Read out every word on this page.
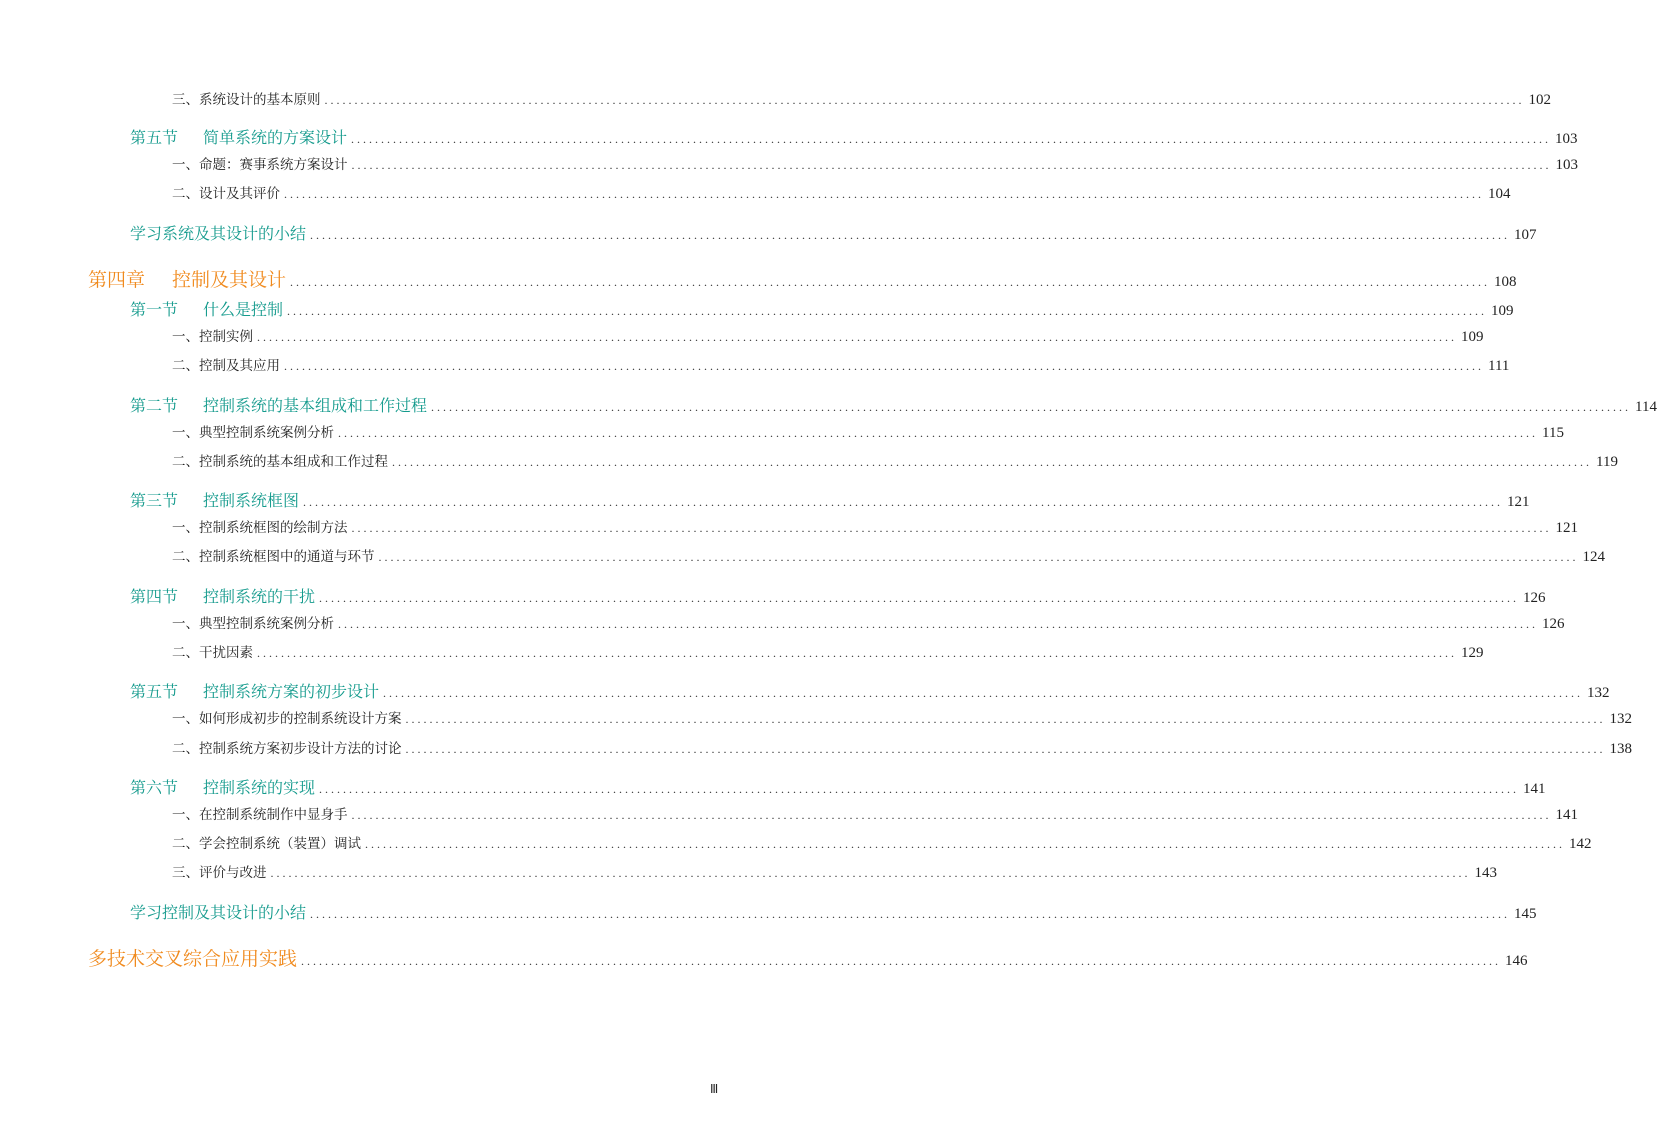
三、系统设计的基本原则 ........................................................................................................................................................................................................ 102
第五节 简单系统的方案设计 ........................................................................................................................................................................................................ 103
一、命题：赛事系统方案设计 ........................................................................................................................................................................................................ 103
二、设计及其评价 ........................................................................................................................................................................................................ 104
学习系统及其设计的小结 ........................................................................................................................................................................................................ 107
第四章 控制及其设计 ........................................................................................................................................................................................................ 108
第一节 什么是控制 ........................................................................................................................................................................................................ 109
一、控制实例 ........................................................................................................................................................................................................ 109
二、控制及其应用 ........................................................................................................................................................................................................ 111
第二节 控制系统的基本组成和工作过程 ........................................................................................................................................................................................................ 114
一、典型控制系统案例分析 ........................................................................................................................................................................................................ 115
二、控制系统的基本组成和工作过程 ........................................................................................................................................................................................................ 119
第三节 控制系统框图 ........................................................................................................................................................................................................ 121
一、控制系统框图的绘制方法 ........................................................................................................................................................................................................ 121
二、控制系统框图中的通道与环节 ........................................................................................................................................................................................................ 124
第四节 控制系统的干扰 ........................................................................................................................................................................................................ 126
一、典型控制系统案例分析 ........................................................................................................................................................................................................ 126
二、干扰因素 ........................................................................................................................................................................................................ 129
第五节 控制系统方案的初步设计 ........................................................................................................................................................................................................ 132
一、如何形成初步的控制系统设计方案 ........................................................................................................................................................................................................ 132
二、控制系统方案初步设计方法的讨论 ........................................................................................................................................................................................................ 138
第六节 控制系统的实现 ........................................................................................................................................................................................................ 141
一、在控制系统制作中显身手 ........................................................................................................................................................................................................ 141
二、学会控制系统（装置）调试 ........................................................................................................................................................................................................ 142
三、评价与改进 ........................................................................................................................................................................................................ 143
学习控制及其设计的小结 ........................................................................................................................................................................................................ 145
多技术交叉综合应用实践 ........................................................................................................................................................................................................ 146
Ⅲ
